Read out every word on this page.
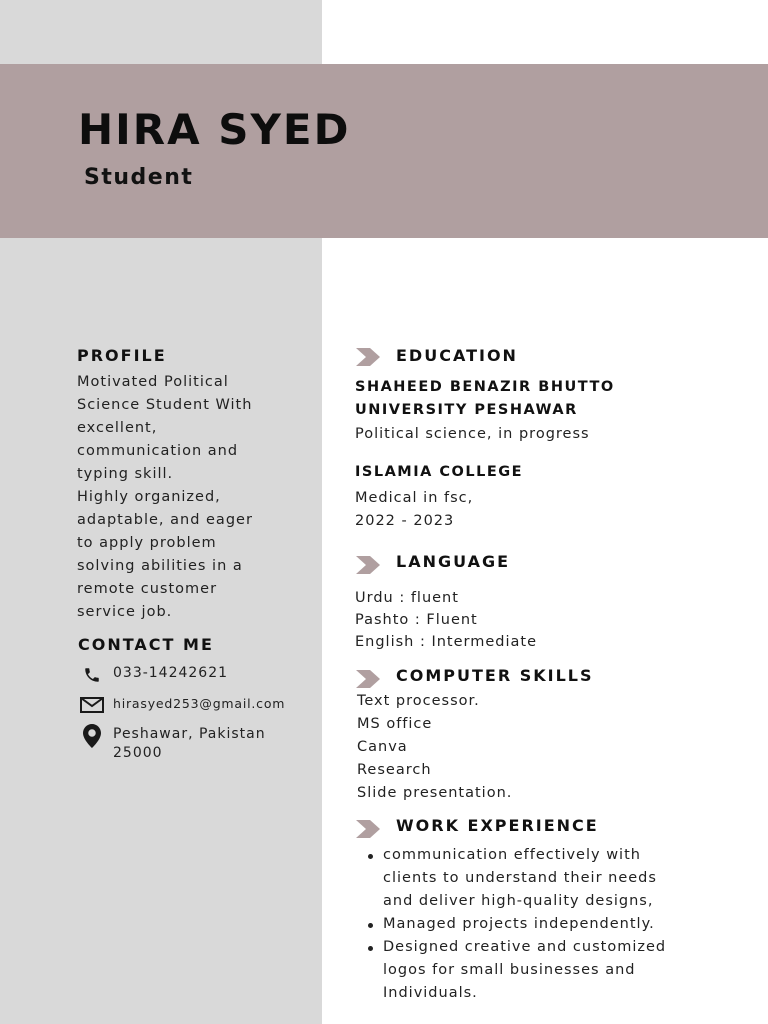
HIRA SYED
Student
PROFILE
Motivated Political
Science Student With
excellent,
communication and
typing skill.
Highly organized,
adaptable, and eager
to apply problem
solving abilities in a
remote customer
service job.
CONTACT ME
033-14242621
hirasyed253@gmail.com
Peshawar, Pakistan
25000
EDUCATION
SHAHEED BENAZIR BHUTTO
UNIVERSITY PESHAWAR
Political science, in progress
ISLAMIA COLLEGE
Medical in fsc,
2022 - 2023
LANGUAGE
Urdu : fluent
Pashto : Fluent
English : Intermediate
COMPUTER SKILLS
Text processor.
MS office
Canva
Research
Slide presentation.
WORK EXPERIENCE
communication effectively with
clients to understand their needs
and deliver high-quality designs,
Managed projects independently.
Designed creative and customized
logos for small businesses and
Individuals.
